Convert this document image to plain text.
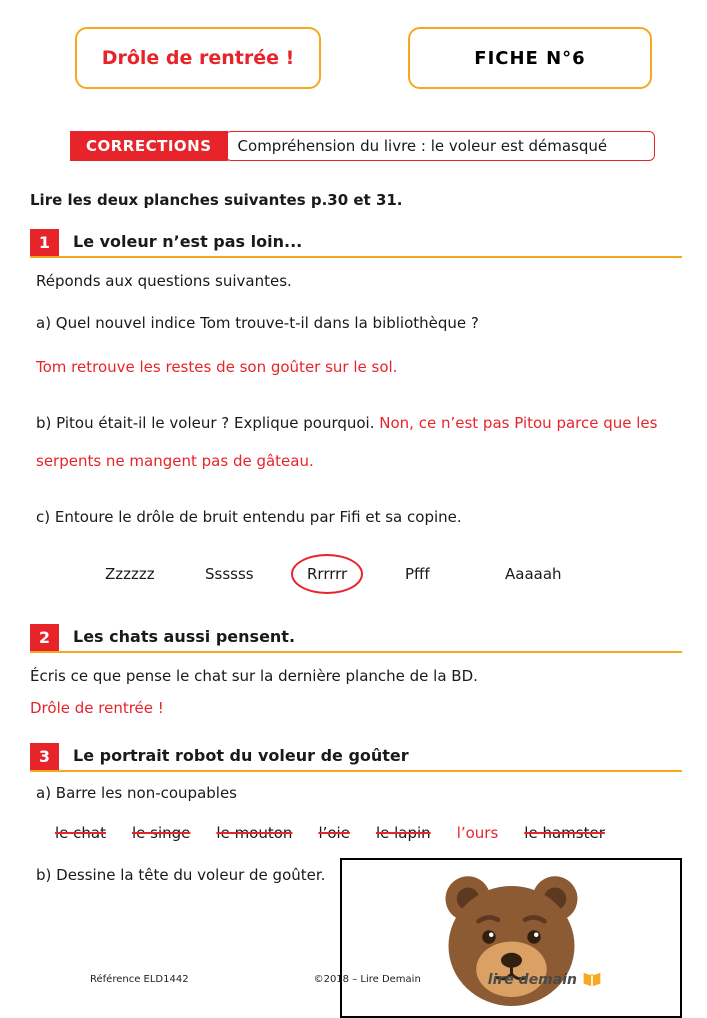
Drôle de rentrée !	FICHE N°6
CORRECTIONS	Compréhension du livre : le voleur est démasqué
Lire les deux planches suivantes p.30 et 31.
1	Le voleur n’est pas loin...
Réponds aux questions suivantes.
a) Quel nouvel indice Tom trouve-t-il dans la bibliothèque ?
Tom retrouve les restes de son goûter sur le sol.
b) Pitou était-il le voleur ? Explique pourquoi. Non, ce n’est pas Pitou parce que les
serpents ne mangent pas de gâteau.
c) Entoure le drôle de bruit entendu par Fifi et sa copine.
Zzzzzz	Ssssss	Rrrrrr	Pfff	Aaaaah
2	Les chats aussi pensent.
Écris ce que pense le chat sur la dernière planche de la BD.
Drôle de rentrée !
3	Le portrait robot du voleur de goûter
a) Barre les non-coupables
le chat le singe le mouton l’oie le lapin l’ours le hamster
b) Dessine la tête du voleur de goûter.
Référence ELD1442	©2018 – Lire Demain	lire demain
